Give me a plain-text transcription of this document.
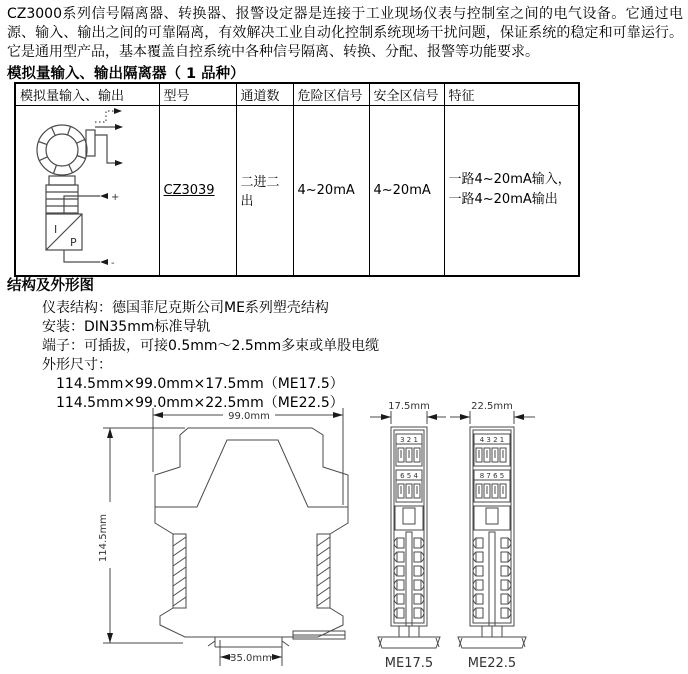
CZ3000系列信号隔离器、转换器、报警设定器是连接于工业现场仪表与控制室之间的电气设备。它通过电源、输入、输出之间的可靠隔离，有效解决工业自动化控制系统现场干扰问题，保证系统的稳定和可靠运行。它是通用型产品，基本覆盖自控系统中各种信号隔离、转换、分配、报警等功能要求。
模拟量输入、输出隔离器（ 1 品种）
模拟量输入、输出	型号	通道数	危险区信号	安全区信号	特征

I
P
+
-	CZ3039	二进二出	4~20mA	4~20mA	一路4~20mA输入，一路4~20mA输出
结构及外形图
仪表结构：德国菲尼克斯公司ME系列塑壳结构
安装：DIN35mm标准导轨
端子：可插拔，可接0.5mm～2.5mm多束或单股电缆
外形尺寸：
114.5mm×99.0mm×17.5mm（ME17.5）
114.5mm×99.0mm×22.5mm（ME22.5）
99.0mm
114.5mm
35.0mm
17.5mm
3 2 1
6 5 4
ME17.5
22.5mm
4 3 2 1
8 7 6 5
ME22.5
